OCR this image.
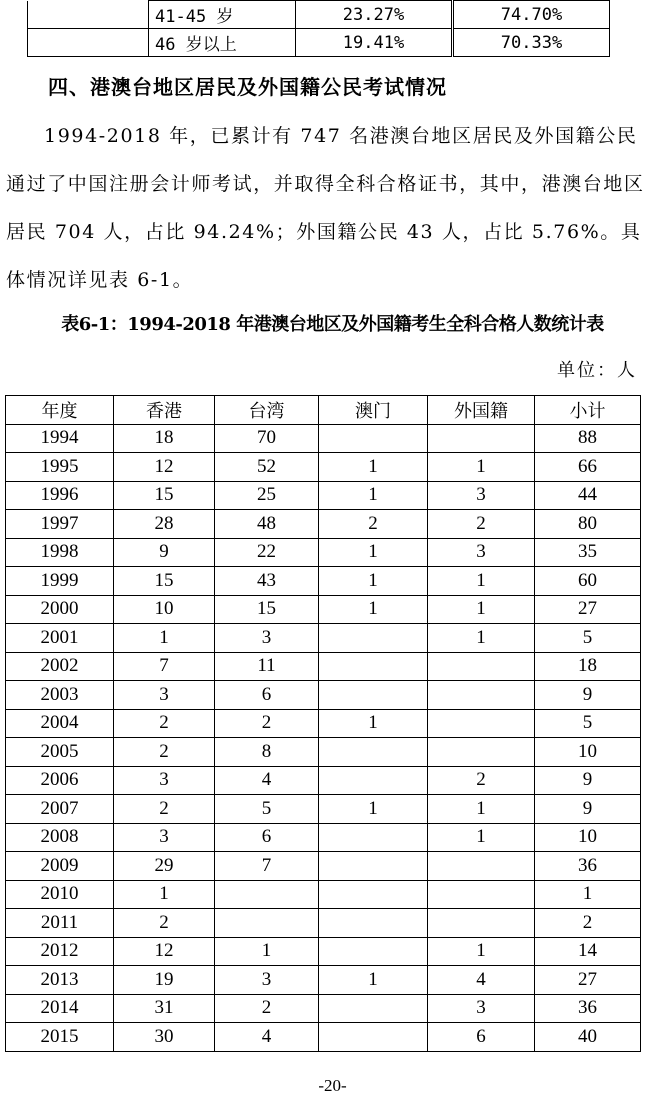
	41-45 岁	23.27%	74.70%
	46 岁以上	19.41%	70.33%
四、港澳台地区居民及外国籍公民考试情况

1994-2018 年，已累计有 747 名港澳台地区居民及外国籍公民通过了中国注册会计师考试，并取得全科合格证书，其中，港澳台地区居民 704 人，占比 94.24%；外国籍公民 43 人，占比 5.76%。具体情况详见表 6-1。

表6-1：1994-2018 年港澳台地区及外国籍考生全科合格人数统计表

单位：人
年度	香港	台湾	澳门	外国籍	小计
1994	18	70			88
1995	12	52	1	1	66
1996	15	25	1	3	44
1997	28	48	2	2	80
1998	9	22	1	3	35
1999	15	43	1	1	60
2000	10	15	1	1	27
2001	1	3		1	5
2002	7	11			18
2003	3	6			9
2004	2	2	1		5
2005	2	8			10
2006	3	4		2	9
2007	2	5	1	1	9
2008	3	6		1	10
2009	29	7			36
2010	1				1
2011	2				2
2012	12	1		1	14
2013	19	3	1	4	27
2014	31	2		3	36
2015	30	4		6	40
-20-
